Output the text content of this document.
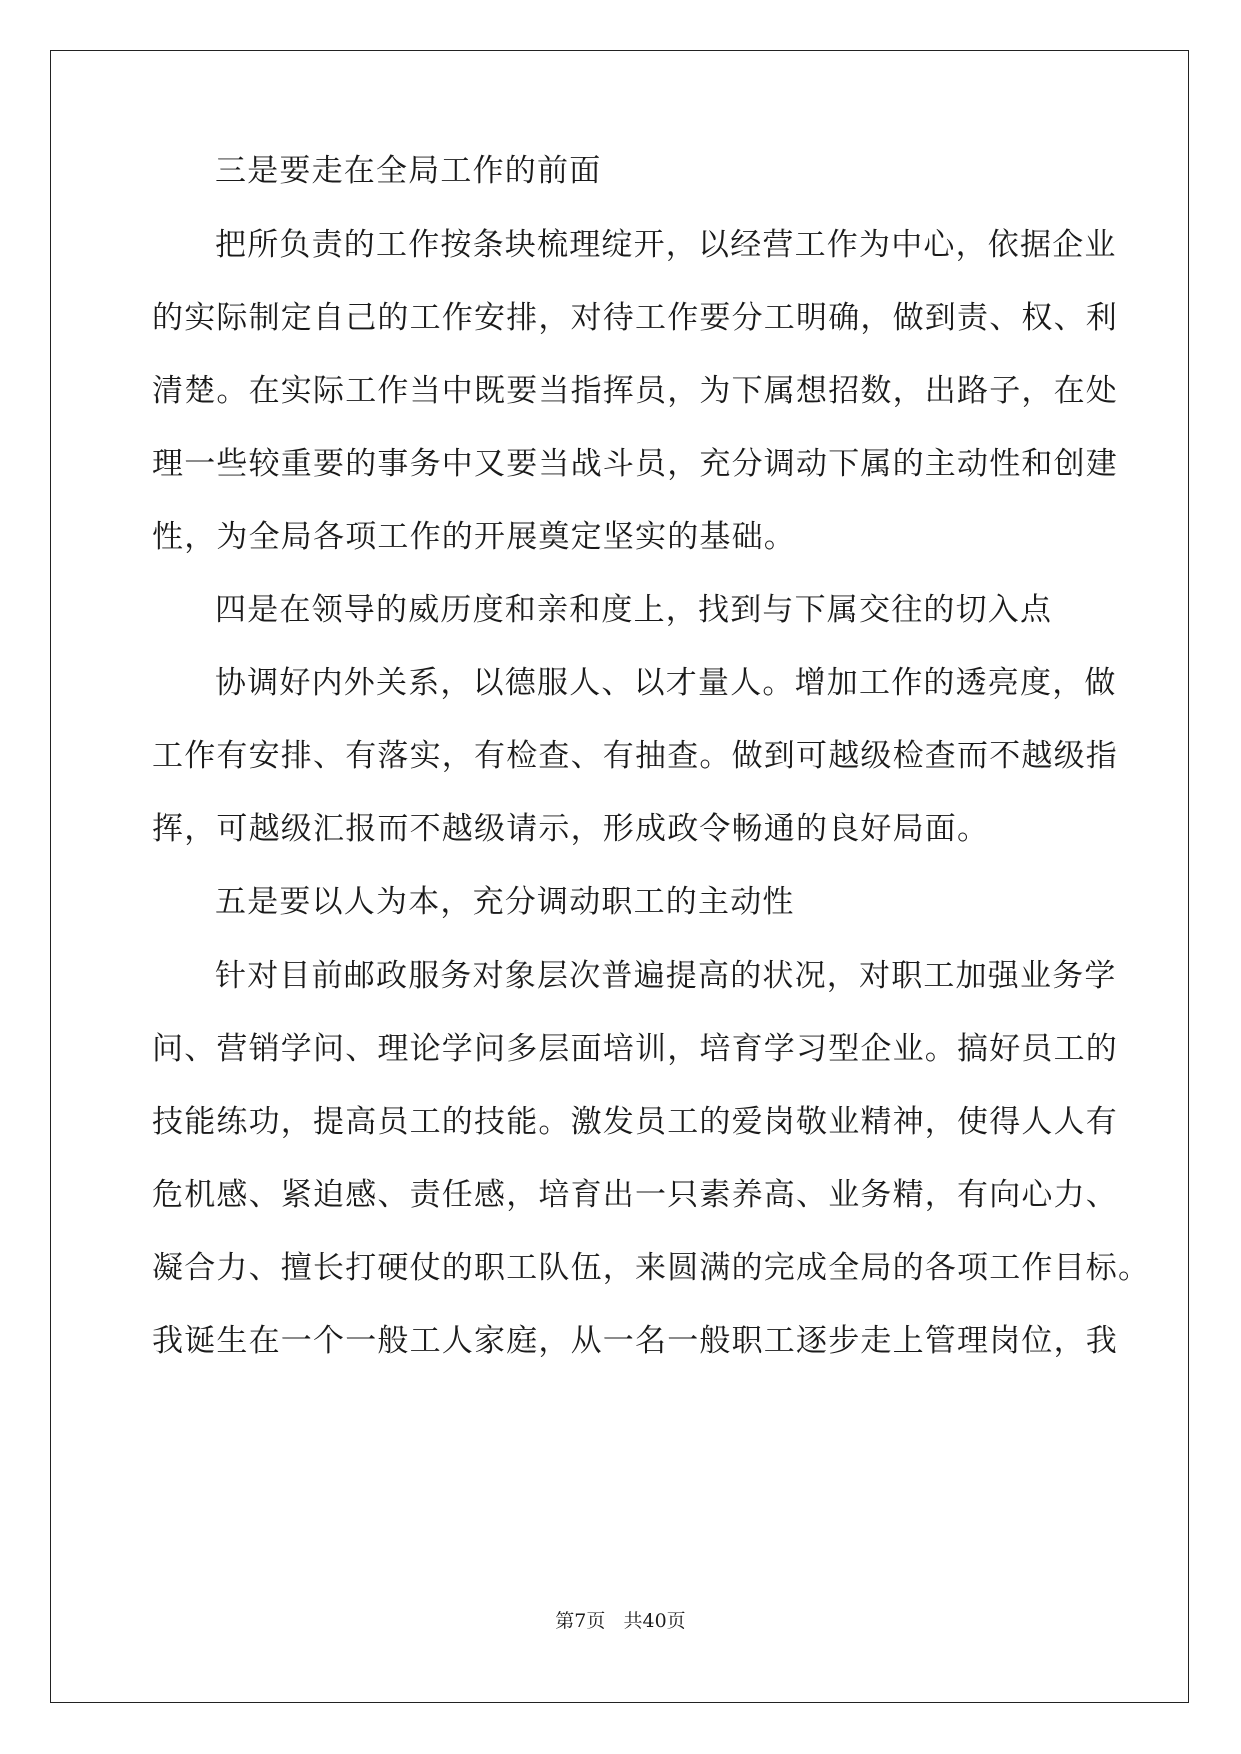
三是要走在全局工作的前面
把所负责的工作按条块梳理绽开，以经营工作为中心，依据企业
的实际制定自己的工作安排，对待工作要分工明确，做到责、权、利
清楚。在实际工作当中既要当指挥员，为下属想招数，出路子，在处
理一些较重要的事务中又要当战斗员，充分调动下属的主动性和创建
性，为全局各项工作的开展奠定坚实的基础。
四是在领导的威历度和亲和度上，找到与下属交往的切入点
协调好内外关系，以德服人、以才量人。增加工作的透亮度，做
工作有安排、有落实，有检查、有抽查。做到可越级检查而不越级指
挥，可越级汇报而不越级请示，形成政令畅通的良好局面。
五是要以人为本，充分调动职工的主动性
针对目前邮政服务对象层次普遍提高的状况，对职工加强业务学
问、营销学问、理论学问多层面培训，培育学习型企业。搞好员工的
技能练功，提高员工的技能。激发员工的爱岗敬业精神，使得人人有
危机感、紧迫感、责任感，培育出一只素养高、业务精，有向心力、
凝合力、擅长打硬仗的职工队伍，来圆满的完成全局的各项工作目标。
我诞生在一个一般工人家庭，从一名一般职工逐步走上管理岗位，我
第7页   共40页
